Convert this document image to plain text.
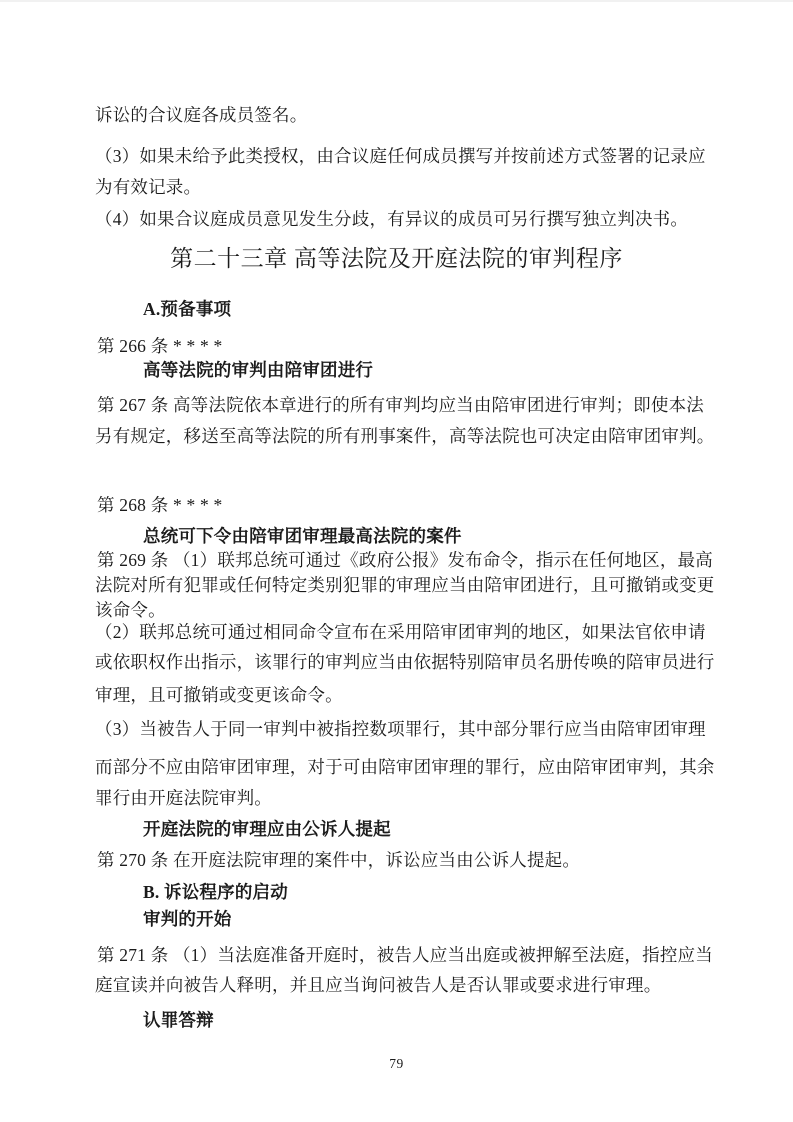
诉讼的合议庭各成员签名。
（3）如果未给予此类授权，由合议庭任何成员撰写并按前述方式签署的记录应
为有效记录。
（4）如果合议庭成员意见发生分歧，有异议的成员可另行撰写独立判决书。
第二十三章 高等法院及开庭法院的审判程序
A.预备事项
第 266 条 * * * *
高等法院的审判由陪审团进行
第 267 条 高等法院依本章进行的所有审判均应当由陪审团进行审判；即使本法
另有规定，移送至高等法院的所有刑事案件，高等法院也可决定由陪审团审判。
第 268 条 * * * *
总统可下令由陪审团审理最高法院的案件
第 269 条 （1）联邦总统可通过《政府公报》发布命令，指示在任何地区，最高
法院对所有犯罪或任何特定类别犯罪的审理应当由陪审团进行，且可撤销或变更
该命令。
（2）联邦总统可通过相同命令宣布在采用陪审团审判的地区，如果法官依申请
或依职权作出指示，该罪行的审判应当由依据特别陪审员名册传唤的陪审员进行
审理，且可撤销或变更该命令。
（3）当被告人于同一审判中被指控数项罪行，其中部分罪行应当由陪审团审理
而部分不应由陪审团审理，对于可由陪审团审理的罪行，应由陪审团审判，其余
罪行由开庭法院审判。
开庭法院的审理应由公诉人提起
第 270 条 在开庭法院审理的案件中，诉讼应当由公诉人提起。
B. 诉讼程序的启动
审判的开始
第 271 条 （1）当法庭准备开庭时，被告人应当出庭或被押解至法庭，指控应当
庭宣读并向被告人释明，并且应当询问被告人是否认罪或要求进行审理。
认罪答辩
79
